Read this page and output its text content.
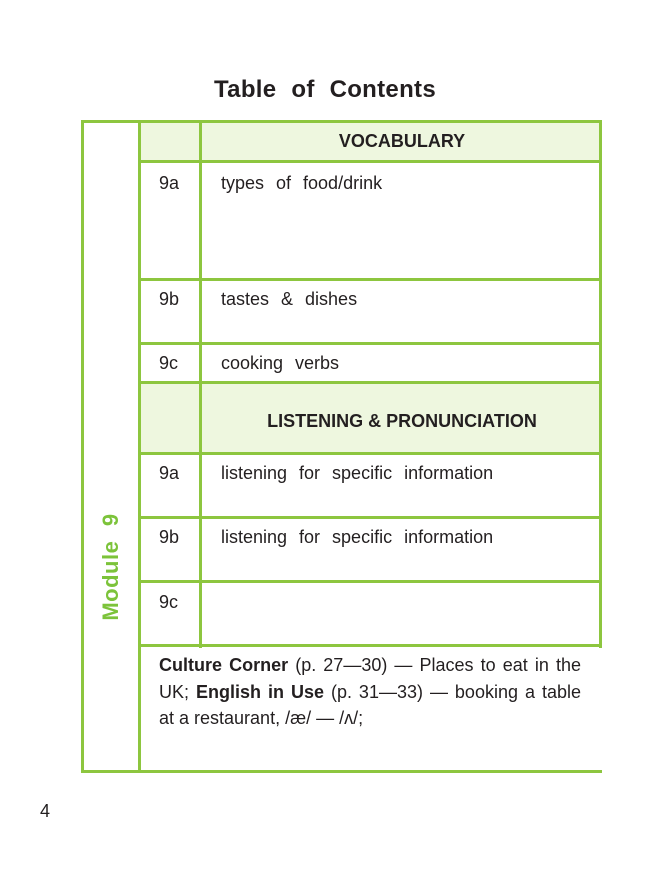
Table of Contents
Module 9
VOCABULARY
9a types of food/drink
9b tastes & dishes
9c cooking verbs
LISTENING & PRONUNCIATION
9a listening for specific information
9b listening for specific information
9c
Culture Corner (p. 27—30) — Places to eat in the UK; English in Use (p. 31—33) — booking a table at a restaurant, /æ/ — /ʌ/;
4
